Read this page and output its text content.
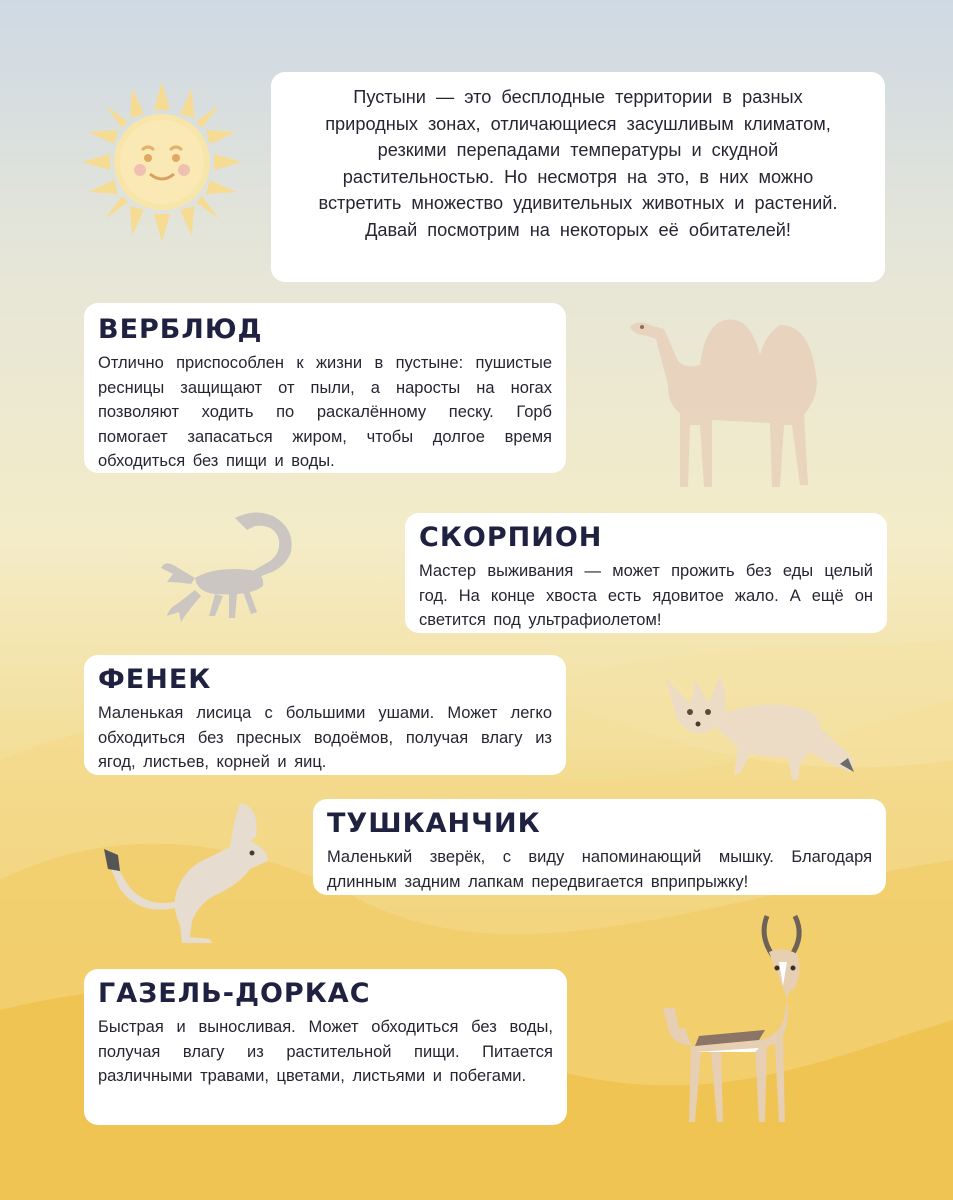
Пустыни — это бесплодные территории в разных природных зонах, отличающиеся засушливым климатом, резкими перепадами температуры и скудной растительностью. Но несмотря на это, в них можно встретить множество удивительных животных и растений. Давай посмотрим на некоторых её обитателей!
ВЕРБЛЮД
Отлично приспособлен к жизни в пустыне: пушистые ресницы защищают от пыли, а наросты на ногах позволяют ходить по раскалённому песку. Горб помогает запасаться жиром, чтобы долгое время обходиться без пищи и воды.
СКОРПИОН
Мастер выживания — может прожить без еды целый год. На конце хвоста есть ядовитое жало. А ещё он светится под ультрафиолетом!
ФЕНЕК
Маленькая лисица с большими ушами. Может легко обходиться без пресных водоёмов, получая влагу из ягод, листьев, корней и яиц.
ТУШКАНЧИК
Маленький зверёк, с виду напоминающий мышку. Благодаря длинным задним лапкам передвигается вприпрыжку!
ГАЗЕЛЬ-ДОРКАС
Быстрая и выносливая. Может обходиться без воды, получая влагу из растительной пищи. Питается различными травами, цветами, листьями и побегами.
